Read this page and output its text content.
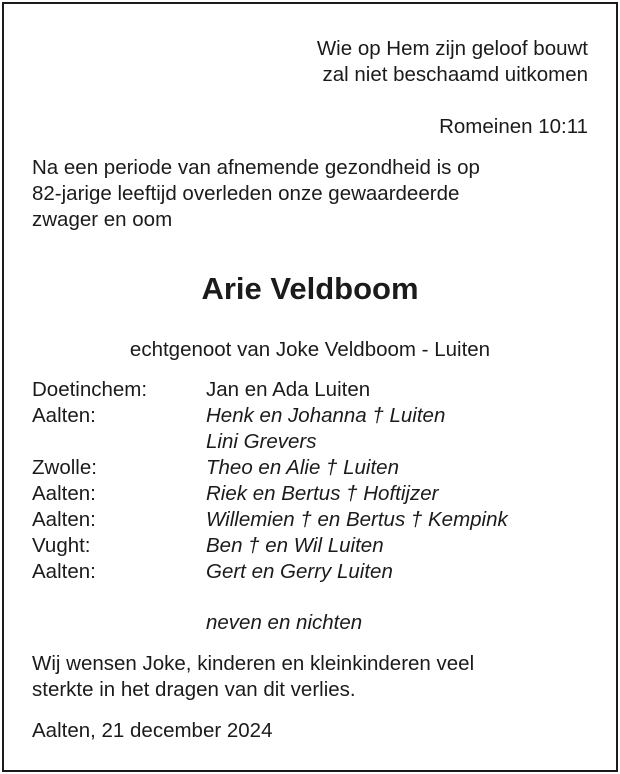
Wie op Hem zijn geloof bouwt
zal niet beschaamd uitkomen
Romeinen 10:11
Na een periode van afnemende gezondheid is op
82-jarige leeftijd overleden onze gewaardeerde
zwager en oom
Arie Veldboom
echtgenoot van Joke Veldboom - Luiten
Doetinchem:	Jan en Ada Luiten
Aalten:	Henk en Johanna † Luiten
Lini Grevers
Zwolle:	Theo en Alie † Luiten
Aalten:	Riek en Bertus † Hoftijzer
Aalten:	Willemien † en Bertus † Kempink
Vught:	Ben † en Wil Luiten
Aalten:	Gert en Gerry Luiten
neven en nichten
Wij wensen Joke, kinderen en kleinkinderen veel
sterkte in het dragen van dit verlies.
Aalten, 21 december 2024
